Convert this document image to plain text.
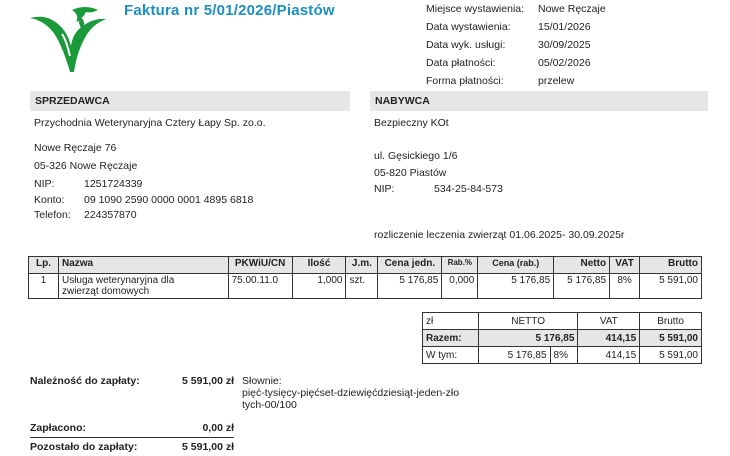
Faktura nr 5/01/2026/Piastów	Miejsce wystawienia:	Nowe Ręczaje
Data wystawienia:	15/01/2026
Data wyk. usługi:	30/09/2025
Data płatności:	05/02/2026
Forma płatności:	przelew
SPRZEDAWCA
Przychodnia Weterynaryjna Cztery Łapy Sp. zo.o.
Nowe Ręczaje 76
05-326 Nowe Ręczaje
NIP:	1251724339
Konto:	09 1090 2590 0000 0001 4895 6818
Telefon:	224357870
NABYWCA
Bezpieczny KOt
ul. Gęsickiego 1/6
05-820 Piastów
NIP:	534-25-84-573
rozliczenie leczenia zwierząt 01.06.2025- 30.09.2025r
Lp.	Nazwa	PKWiU/CN	Ilość	J.m.	Cena jedn.	Rab.%	Cena (rab.)	Netto	VAT	Brutto
1	Usługa weterynaryjna dla
zwierząt domowych	75.00.11.0	1,000	szt.	5 176,85	0,000	5 176,85	5 176,85	8%	5 591,00
zł	NETTO		VAT	Brutto
Razem:	5 176,85		414,15	5 591,00
W tym:	5 176,85	8%	414,15	5 591,00
Należność do zapłaty:	5 591,00 zł Słownie:
pięć-tysięcy-pięćset-dziewięćdziesiąt-jeden-zło
tych-00/100
Zapłacono:	0,00 zł
Pozostało do zapłaty:	5 591,00 zł
